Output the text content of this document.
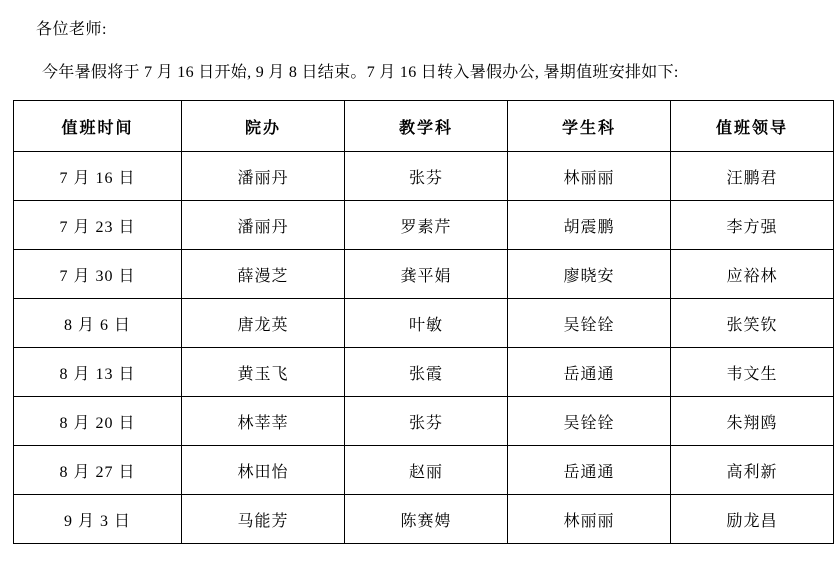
各位老师:
今年暑假将于 7 月 16 日开始, 9 月 8 日结束。7 月 16 日转入暑假办公, 暑期值班安排如下:
值班时间	院办	教学科	学生科	值班领导
7 月 16 日	潘丽丹	张芬	林丽丽	汪鹏君
7 月 23 日	潘丽丹	罗素芹	胡震鹏	李方强
7 月 30 日	薛漫芝	龚平娟	廖晓安	应裕林
8 月 6 日	唐龙英	叶敏	吴铨铨	张笑钦
8 月 13 日	黄玉飞	张霞	岳通通	韦文生
8 月 20 日	林莘莘	张芬	吴铨铨	朱翔鸥
8 月 27 日	林田怡	赵丽	岳通通	高利新
9 月 3 日	马能芳	陈赛娉	林丽丽	励龙昌
